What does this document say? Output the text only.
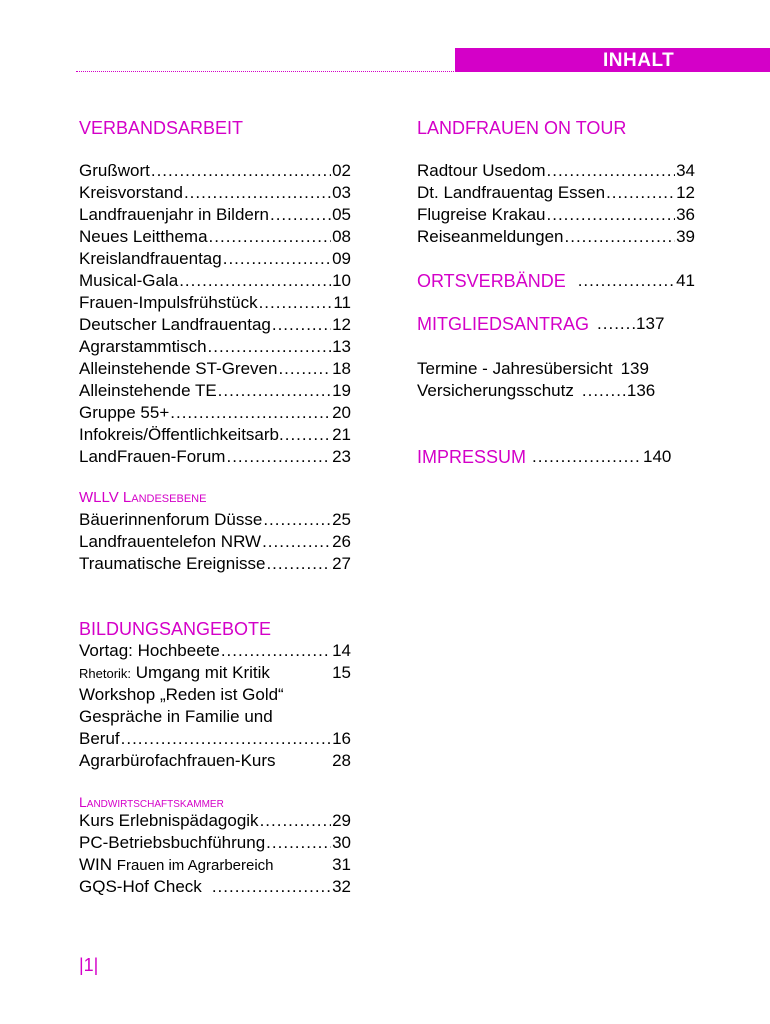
INHALT
VERBANDSARBEIT
Grußwort .....	02
Kreisvorstand .....	03
Landfrauenjahr in Bildern .....	05
Neues Leitthema .....	08
Kreislandfrauentag .....	09
Musical-Gala .....	10
Frauen-Impulsfrühstück .....	11
Deutscher Landfrauentag .....	12
Agrarstammtisch .....	13
Alleinstehende ST-Greven .....	18
Alleinstehende TE .....	19
Gruppe 55+ .....	20
Infokreis/Öffentlichkeitsarb. .....	21
LandFrauen-Forum .....	23
WLLV Landesebene
Bäuerinnenforum Düsse .....	25
Landfrauentelefon NRW .....	26
Traumatische Ereignisse .....	27
BILDUNGSANGEBOTE
Vortag: Hochbeete .....	14
Rhetorik: Umgang mit Kritik	15
Workshop „Reden ist Gold“
Gespräche in Familie und
Beruf .....	16
Agrarbürofachfrauen-Kurs	28
Landwirtschaftskammer
Kurs Erlebnispädagogik .....	29
PC-Betriebsbuchführung .....	30
WIN Frauen im Agrarbereich	31
GQS-Hof Check .....	32
LANDFRAUEN ON TOUR
Radtour Usedom .....	34
Dt. Landfrauentag Essen .....	12
Flugreise Krakau .....	36
Reiseanmeldungen .....	39
ORTSVERBÄNDE .....	41
MITGLIEDSANTRAG .....	137
Termine - Jahresübersicht 139
Versicherungsschutz .....	136
IMPRESSUM .....	140
|1|
